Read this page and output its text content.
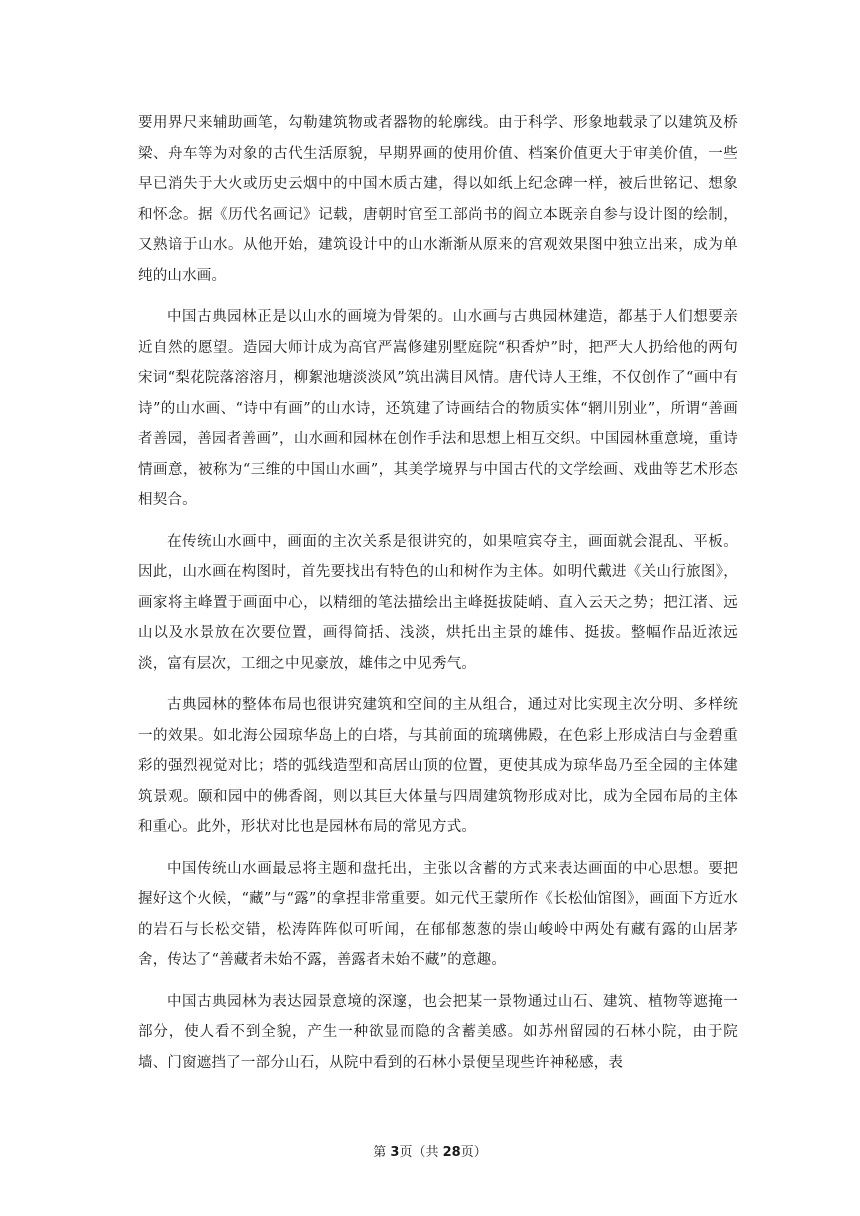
要用界尺来辅助画笔，勾勒建筑物或者器物的轮廓线。由于科学、形象地载录了以建筑及桥梁、舟车等为对象的古代生活原貌，早期界画的使用价值、档案价值更大于审美价值，一些早已消失于大火或历史云烟中的中国木质古建，得以如纸上纪念碑一样，被后世铭记、想象和怀念。据《历代名画记》记载，唐朝时官至工部尚书的阎立本既亲自参与设计图的绘制，又熟谙于山水。从他开始，建筑设计中的山水渐渐从原来的宫观效果图中独立出来，成为单纯的山水画。

中国古典园林正是以山水的画境为骨架的。山水画与古典园林建造，都基于人们想要亲近自然的愿望。造园大师计成为高官严嵩修建别墅庭院“积香炉”时，把严大人扔给他的两句宋词“梨花院落溶溶月，柳絮池塘淡淡风”筑出满目风情。唐代诗人王维，不仅创作了“画中有诗”的山水画、“诗中有画”的山水诗，还筑建了诗画结合的物质实体“辋川别业”，所谓“善画者善园，善园者善画”，山水画和园林在创作手法和思想上相互交织。中国园林重意境，重诗情画意，被称为“三维的中国山水画”，其美学境界与中国古代的文学绘画、戏曲等艺术形态相契合。

在传统山水画中，画面的主次关系是很讲究的，如果喧宾夺主，画面就会混乱、平板。因此，山水画在构图时，首先要找出有特色的山和树作为主体。如明代戴进《关山行旅图》，画家将主峰置于画面中心，以精细的笔法描绘出主峰挺拔陡峭、直入云天之势；把江渚、远山以及水景放在次要位置，画得简括、浅淡，烘托出主景的雄伟、挺拔。整幅作品近浓远淡，富有层次，工细之中见豪放，雄伟之中见秀气。

古典园林的整体布局也很讲究建筑和空间的主从组合，通过对比实现主次分明、多样统一的效果。如北海公园琼华岛上的白塔，与其前面的琉璃佛殿，在色彩上形成洁白与金碧重彩的强烈视觉对比；塔的弧线造型和高居山顶的位置，更使其成为琼华岛乃至全园的主体建筑景观。颐和园中的佛香阁，则以其巨大体量与四周建筑物形成对比，成为全园布局的主体和重心。此外，形状对比也是园林布局的常见方式。

中国传统山水画最忌将主题和盘托出，主张以含蓄的方式来表达画面的中心思想。要把握好这个火候，“藏”与“露”的拿捏非常重要。如元代王蒙所作《长松仙馆图》，画面下方近水的岩石与长松交错，松涛阵阵似可听闻，在郁郁葱葱的崇山峻岭中两处有藏有露的山居茅舍，传达了“善藏者未始不露，善露者未始不藏”的意趣。

中国古典园林为表达园景意境的深邃，也会把某一景物通过山石、建筑、植物等遮掩一部分，使人看不到全貌，产生一种欲显而隐的含蓄美感。如苏州留园的石林小院，由于院墙、门窗遮挡了一部分山石，从院中看到的石林小景便呈现些许神秘感，表

第 3页（共 28页）
